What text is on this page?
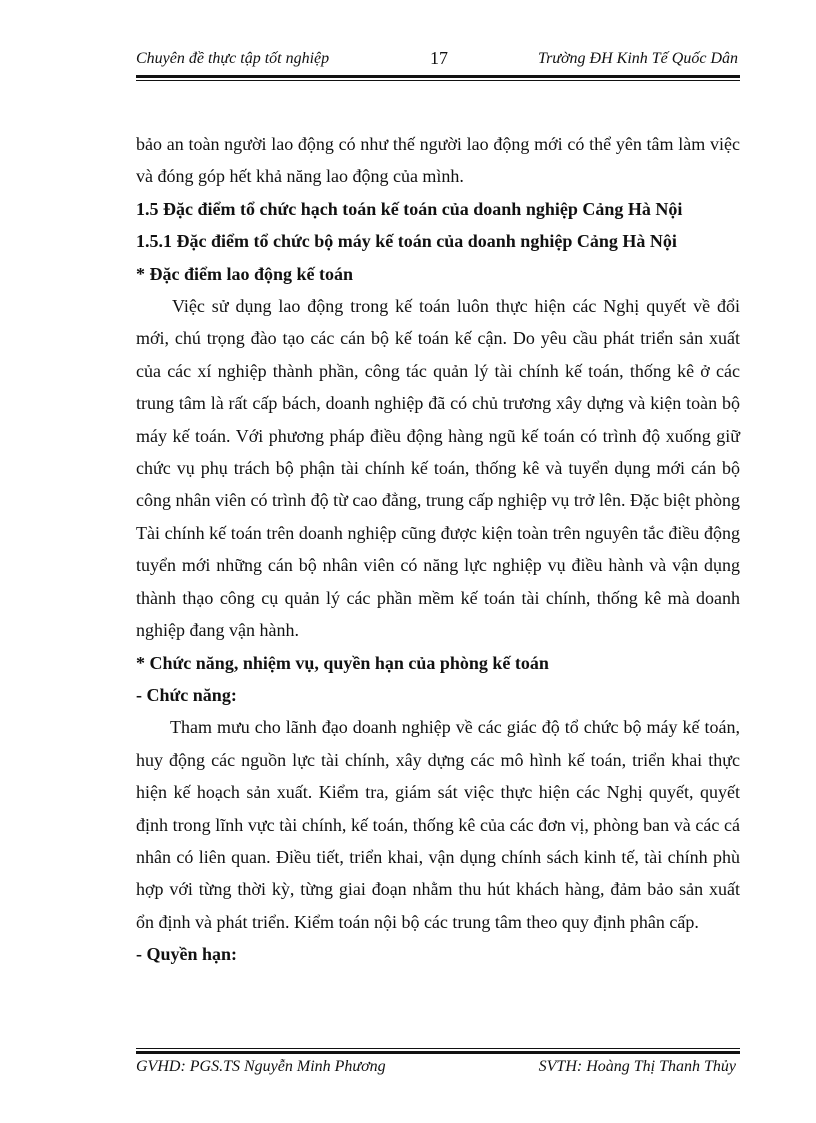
Chuyên đề thực tập tốt nghiệp	17	Trường ĐH Kinh Tế Quốc Dân

bảo an toàn người lao động có như thế người lao động mới có thể yên tâm làm việc và đóng góp hết khả năng lao động của mình.

1.5 Đặc điểm tổ chức hạch toán kế toán của doanh nghiệp Cảng Hà Nội

1.5.1 Đặc điểm tổ chức bộ máy kế toán của doanh nghiệp Cảng Hà Nội

* Đặc điểm lao động kế toán

Việc sử dụng lao động trong kế toán luôn thực hiện các Nghị quyết về đổi mới, chú trọng đào tạo các cán bộ kế toán kế cận. Do yêu cầu phát triển sản xuất của các xí nghiệp thành phần, công tác quản lý tài chính kế toán, thống kê ở các trung tâm là rất cấp bách, doanh nghiệp đã có chủ trương xây dựng và kiện toàn bộ máy kế toán. Với phương pháp điều động hàng ngũ kế toán có trình độ xuống giữ chức vụ phụ trách bộ phận tài chính kế toán, thống kê và tuyển dụng mới cán bộ công nhân viên có trình độ từ cao đẳng, trung cấp nghiệp vụ trở lên. Đặc biệt phòng Tài chính kế toán trên doanh nghiệp cũng được kiện toàn trên nguyên tắc điều động tuyển mới những cán bộ nhân viên có năng lực nghiệp vụ điều hành và vận dụng thành thạo công cụ quản lý các phần mềm kế toán tài chính, thống kê mà doanh nghiệp đang vận hành.

* Chức năng, nhiệm vụ, quyền hạn của phòng kế toán

- Chức năng:

Tham mưu cho lãnh đạo doanh nghiệp về các giác độ tổ chức bộ máy kế toán, huy động các nguồn lực tài chính, xây dựng các mô hình kế toán, triển khai thực hiện kế hoạch sản xuất. Kiểm tra, giám sát việc thực hiện các Nghị quyết, quyết định trong lĩnh vực tài chính, kế toán, thống kê của các đơn vị, phòng ban và các cá nhân có liên quan. Điều tiết, triển khai, vận dụng chính sách kinh tế, tài chính phù hợp với từng thời kỳ, từng giai đoạn nhằm thu hút khách hàng, đảm bảo sản xuất ổn định và phát triển. Kiểm toán nội bộ các trung tâm theo quy định phân cấp.

- Quyền hạn:

GVHD: PGS.TS Nguyễn Minh Phương	SVTH: Hoàng Thị Thanh Thủy
